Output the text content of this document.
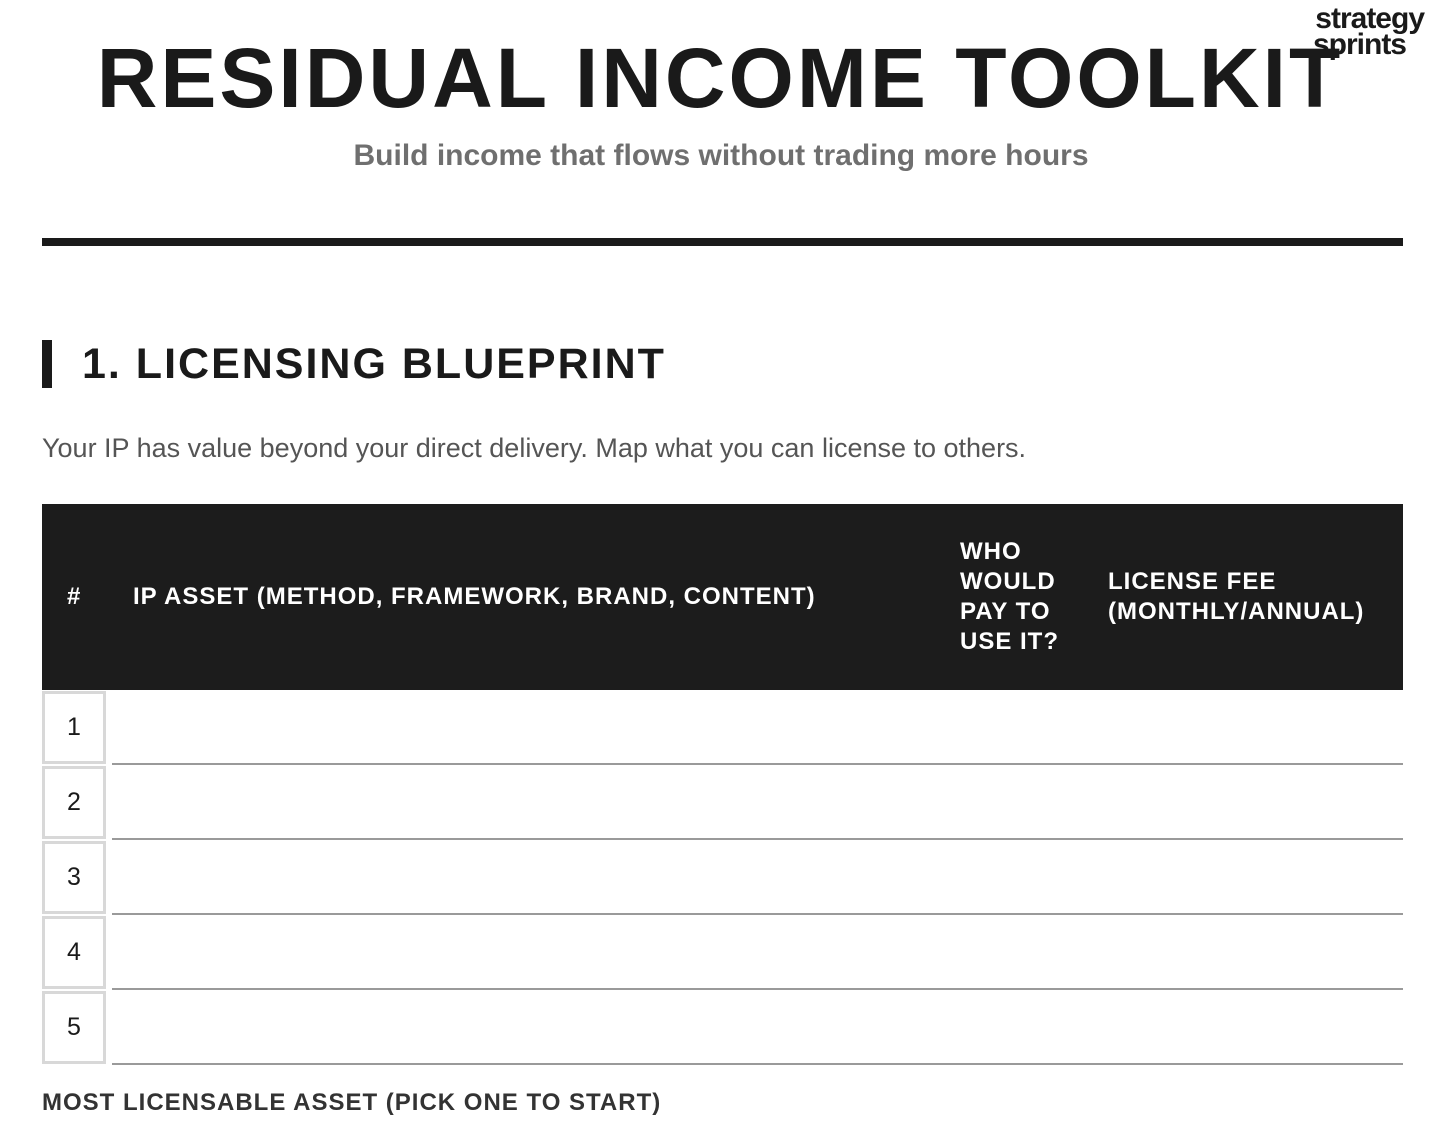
strategy
sprints
RESIDUAL INCOME TOOLKIT

Build income that flows without trading more hours

1. LICENSING BLUEPRINT
Your IP has value beyond your direct delivery. Map what you can license to others.
#	IP ASSET (METHOD, FRAMEWORK, BRAND, CONTENT)
WHO WOULD PAY TO USE IT?
LICENSE FEE (MONTHLY/ANNUAL)
1
2
3
4
5
MOST LICENSABLE ASSET (PICK ONE TO START)
